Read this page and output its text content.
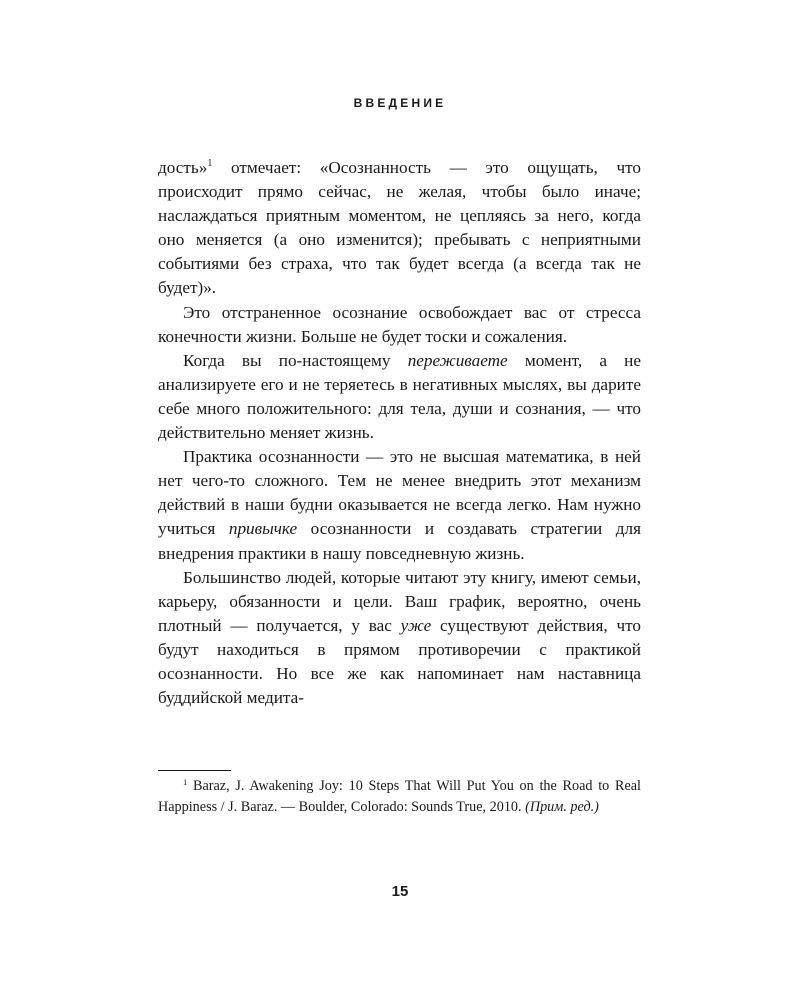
ВВЕДЕНИЕ

дость»$^1$ отмечает: «Осознанность — это ощущать, что происходит прямо сейчас, не желая, чтобы было иначе; наслаждаться приятным моментом, не цепляясь за него, когда оно меняется (а оно изменится); пребывать с неприятными событиями без страха, что так будет всегда (а всегда так не будет)».

Это отстраненное осознание освобождает вас от стресса конечности жизни. Больше не будет тоски и сожаления.

Когда вы по-настоящему переживаете момент, а не анализируете его и не теряетесь в негативных мыслях, вы дарите себе много положительного: для тела, души и сознания, — что действительно меняет жизнь.

Практика осознанности — это не высшая математика, в ней нет чего-то сложного. Тем не менее внедрить этот механизм действий в наши будни оказывается не всегда легко. Нам нужно учиться привычке осознанности и создавать стратегии для внедрения практики в нашу повседневную жизнь.

Большинство людей, которые читают эту книгу, имеют семьи, карьеру, обязанности и цели. Ваш график, вероятно, очень плотный — получается, у вас уже существуют действия, что будут находиться в прямом противоречии с практикой осознанности. Но все же как напоминает нам наставница буддийской медита-

$^1$ Baraz, J. Awakening Joy: 10 Steps That Will Put You on the Road to Real Happiness / J. Baraz. — Boulder, Colorado: Sounds True, 2010. (Прим. ред.)
15
